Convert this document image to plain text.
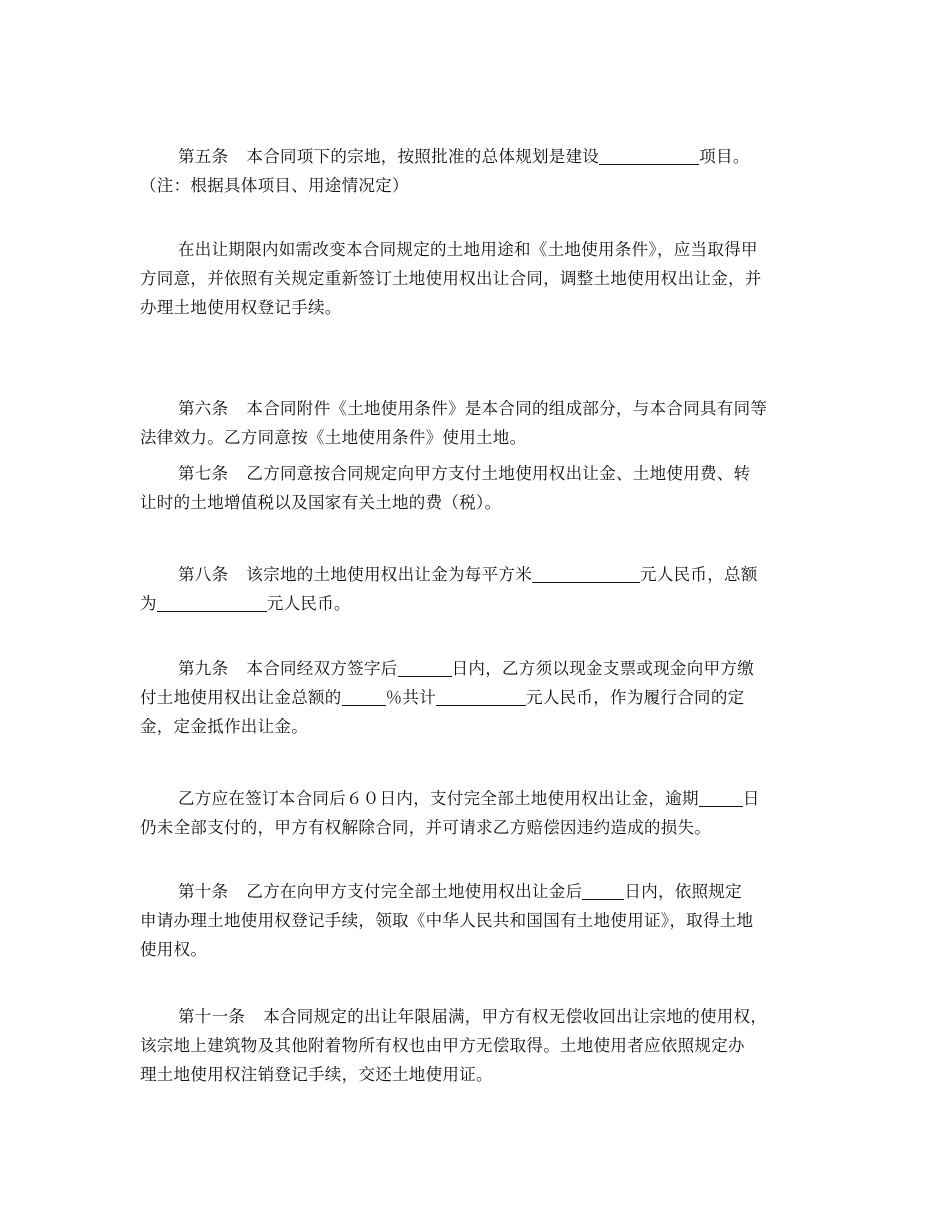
第五条 本合同项下的宗地，按照批准的总体规划是建设	项目。
（注：根据具体项目、用途情况定）
在出让期限内如需改变本合同规定的土地用途和《土地使用条件》，应当取得甲
方同意，并依照有关规定重新签订土地使用权出让合同，调整土地使用权出让金，并
办理土地使用权登记手续。
第六条 本合同附件《土地使用条件》是本合同的组成部分，与本合同具有同等
法律效力。乙方同意按《土地使用条件》使用土地。
第七条 乙方同意按合同规定向甲方支付土地使用权出让金、土地使用费、转
让时的土地增值税以及国家有关土地的费（税）。
第八条 该宗地的土地使用权出让金为每平方米	元人民币，总额
为	元人民币。
第九条 本合同经双方签字后	日内，乙方须以现金支票或现金向甲方缴
付土地使用权出让金总额的	％共计	元人民币，作为履行合同的定
金，定金抵作出让金。
乙方应在签订本合同后６０日内，支付完全部土地使用权出让金，逾期	日
仍未全部支付的，甲方有权解除合同，并可请求乙方赔偿因违约造成的损失。
第十条 乙方在向甲方支付完全部土地使用权出让金后	日内，依照规定
申请办理土地使用权登记手续，领取《中华人民共和国国有土地使用证》，取得土地
使用权。
第十一条 本合同规定的出让年限届满，甲方有权无偿收回出让宗地的使用权，
该宗地上建筑物及其他附着物所有权也由甲方无偿取得。土地使用者应依照规定办
理土地使用权注销登记手续，交还土地使用证。
